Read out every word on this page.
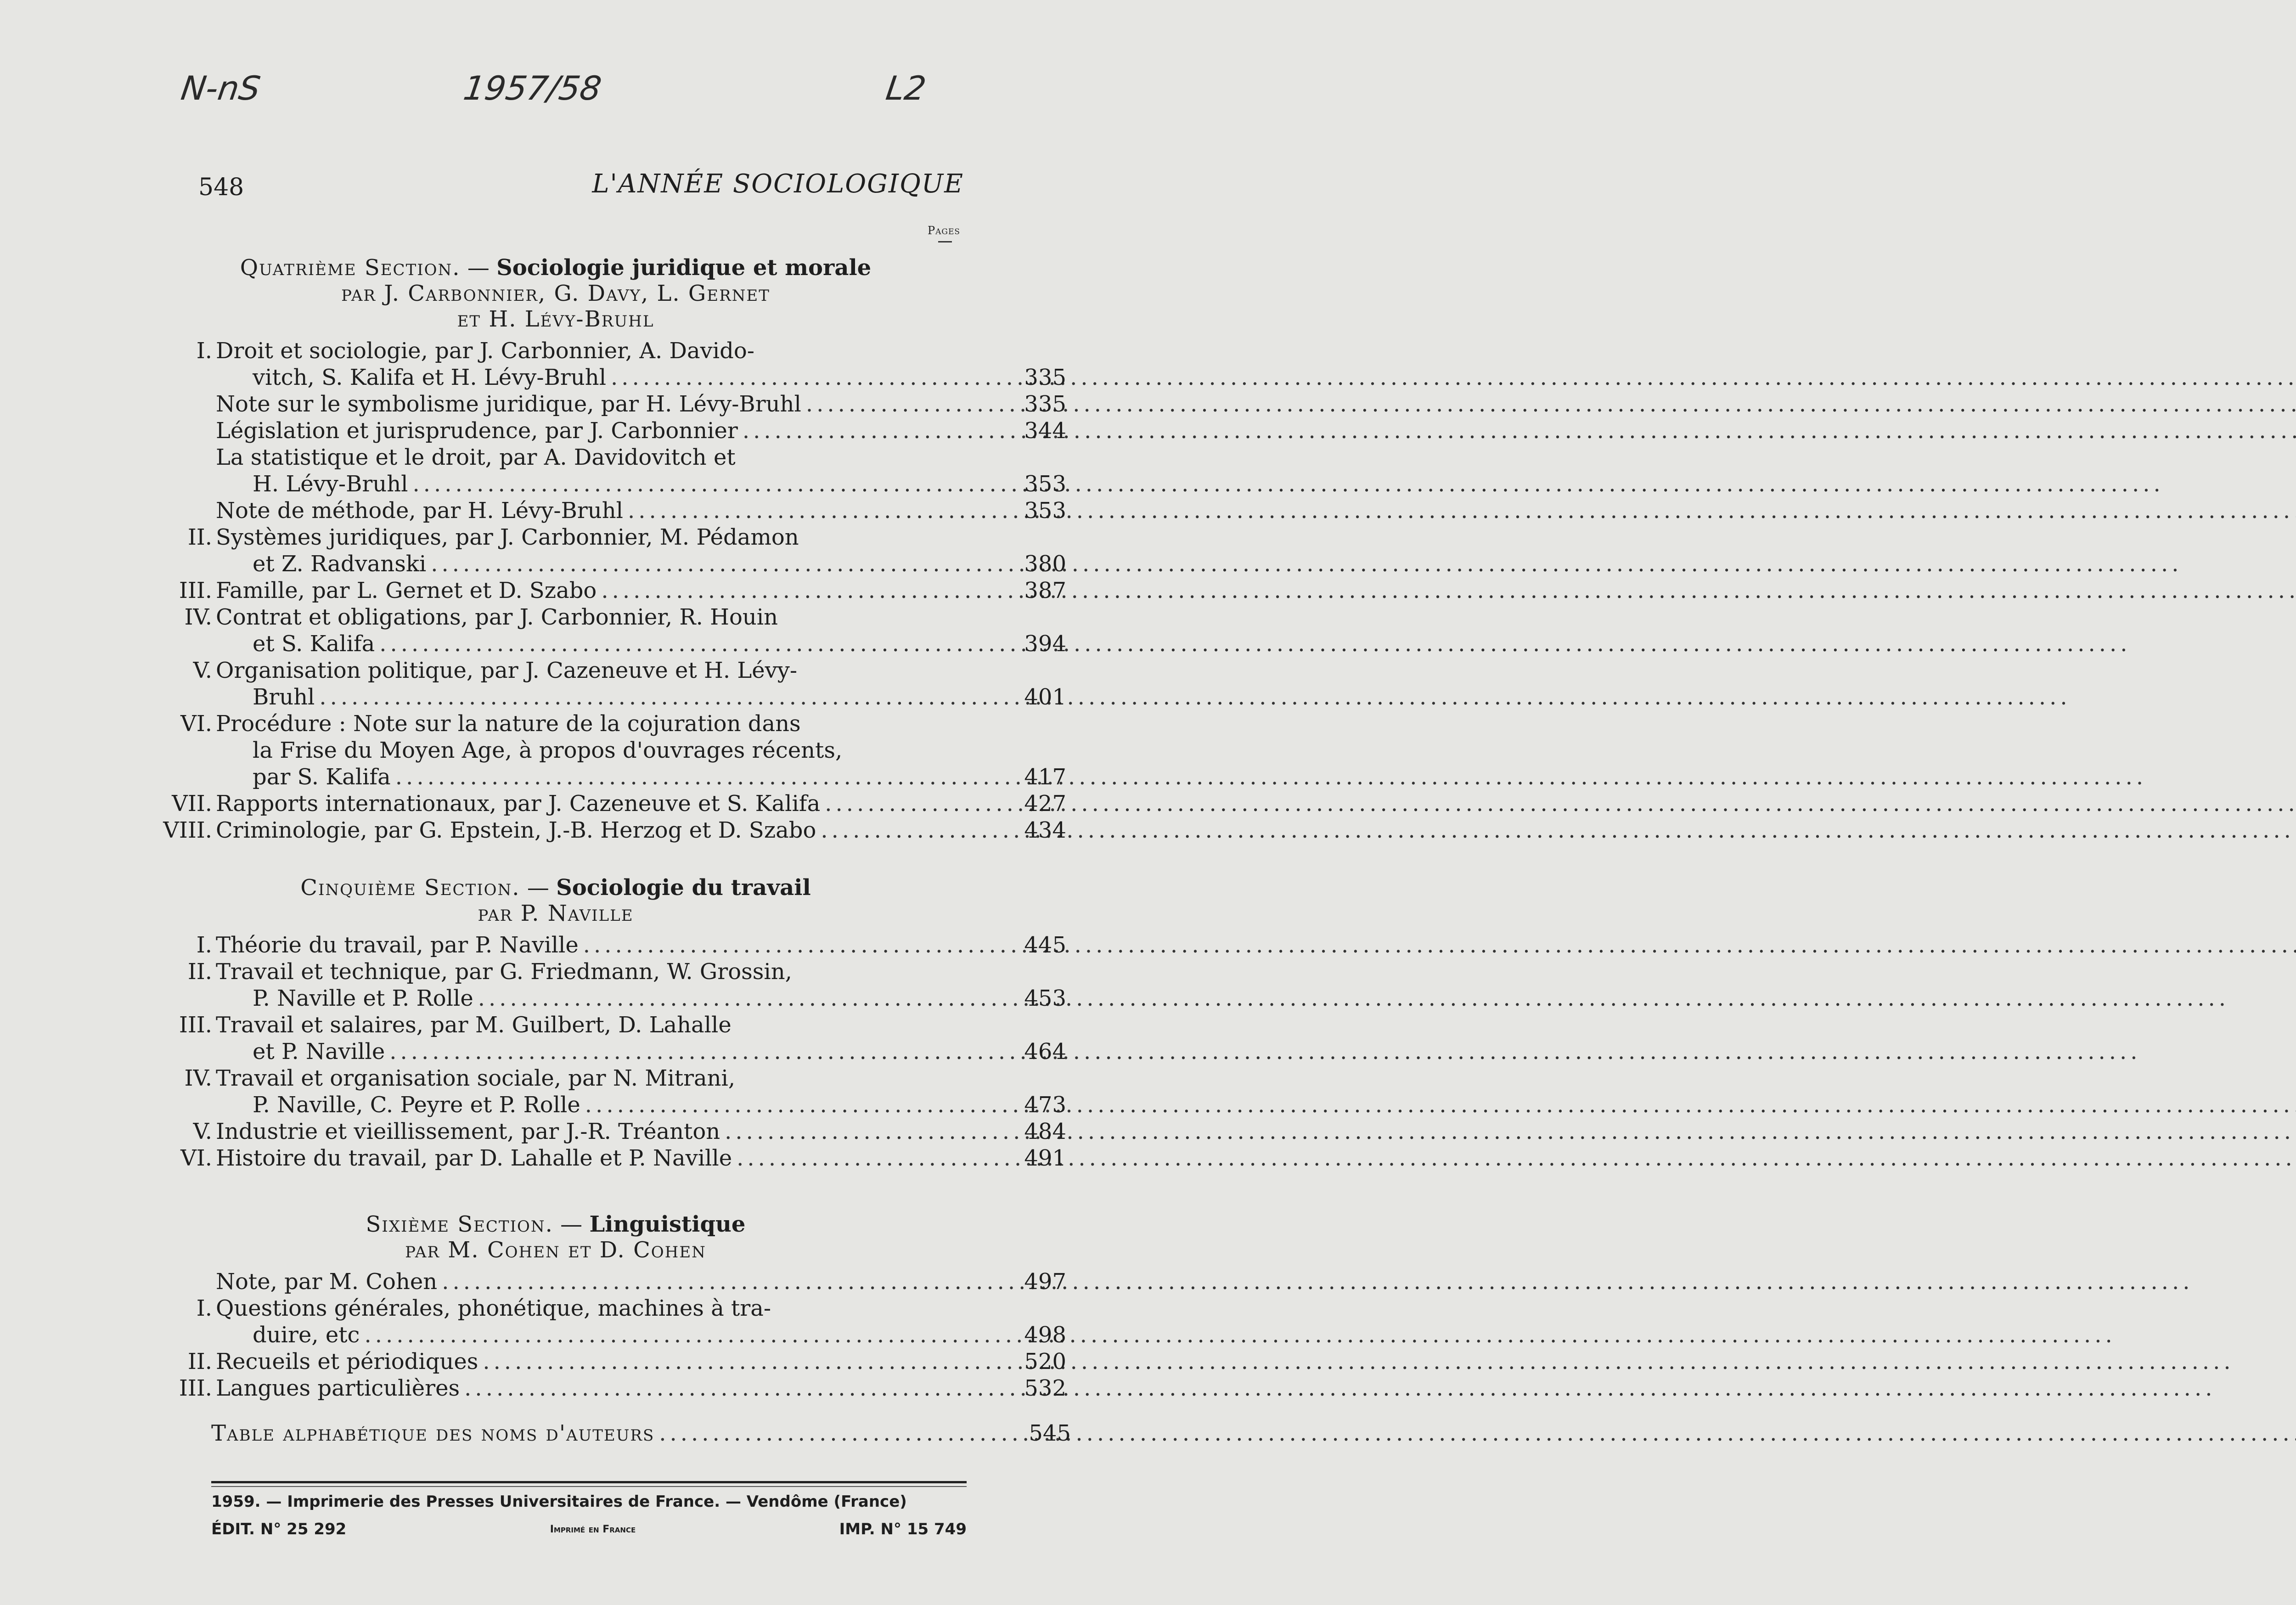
N-nS	1957/58	L2
548	L'ANNÉE SOCIOLOGIQUE
Pages
1959. — Imprimerie des Presses Universitaires de France. — Vendôme (France)
ÉDIT. N° 25 292	Imprimé en France	IMP. N° 15 749
Quatrième Section. — Sociologie juridique et morale
par J. Carbonnier, G. Davy, L. Gernet
et H. Lévy-Bruhl
I. Droit et sociologie, par J. Carbonnier, A. Davido-
vitch, S. Kalifa et H. Lévy-Bruhl .....	335
Note sur le symbolisme juridique, par H. Lévy-Bruhl .....	335
Législation et jurisprudence, par J. Carbonnier .....	344
La statistique et le droit, par A. Davidovitch et
H. Lévy-Bruhl .....	353
Note de méthode, par H. Lévy-Bruhl .....	353
II. Systèmes juridiques, par J. Carbonnier, M. Pédamon
et Z. Radvanski .....	380
III. Famille, par L. Gernet et D. Szabo .....	387
IV. Contrat et obligations, par J. Carbonnier, R. Houin
et S. Kalifa .....	394
V. Organisation politique, par J. Cazeneuve et H. Lévy-
Bruhl .....	401
VI. Procédure : Note sur la nature de la cojuration dans
la Frise du Moyen Age, à propos d'ouvrages récents,
par S. Kalifa .....	417
VII. Rapports internationaux, par J. Cazeneuve et S. Kalifa .....	427
VIII. Criminologie, par G. Epstein, J.-B. Herzog et D. Szabo .....	434
Cinquième Section. — Sociologie du travail
par P. Naville
I. Théorie du travail, par P. Naville .....	445
II. Travail et technique, par G. Friedmann, W. Grossin,
P. Naville et P. Rolle .....	453
III. Travail et salaires, par M. Guilbert, D. Lahalle
et P. Naville .....	464
IV. Travail et organisation sociale, par N. Mitrani,
P. Naville, C. Peyre et P. Rolle .....	473
V. Industrie et vieillissement, par J.-R. Tréanton .....	484
VI. Histoire du travail, par D. Lahalle et P. Naville .....	491
Sixième Section. — Linguistique
par M. Cohen et D. Cohen
Note, par M. Cohen .....	497
I. Questions générales, phonétique, machines à tra-
duire, etc .....	498
II. Recueils et périodiques .....	520
III. Langues particulières .....	532
Table alphabétique des noms d'auteurs .....	545
